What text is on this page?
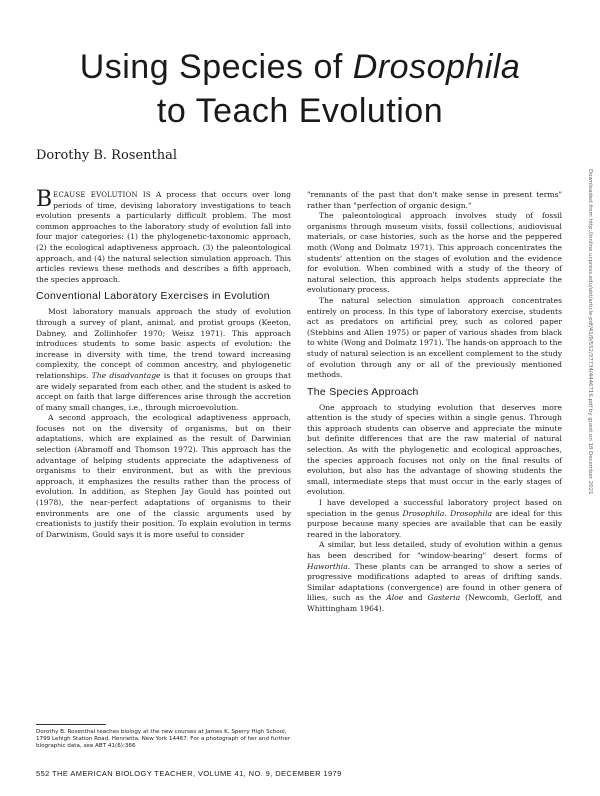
Using Species of Drosophila
to Teach Evolution
Dorothy B. Rosenthal

BECAUSE EVOLUTION IS A process that occurs over long periods of time, devising laboratory investigations to teach evolution presents a particularly difficult problem. The most common approaches to the laboratory study of evolution fall into four major categories: (1) the phylogenetic-taxonomic approach, (2) the ecological adaptiveness approach, (3) the paleontological approach, and (4) the natural selection simulation approach. This articles reviews these methods and describes a fifth approach, the species approach.

Conventional Laboratory Exercises in Evolution

Most laboratory manuals approach the study of evolution through a survey of plant, animal, and protist groups (Keeton, Dabney, and Zollinhofer 1970; Weisz 1971). This approach introduces students to some basic aspects of evolution: the increase in diversity with time, the trend toward increasing complexity, the concept of common ancestry, and phylogenetic relationships. The disadvantage is that it focuses on groups that are widely separated from each other, and the student is asked to accept on faith that large differences arise through the accretion of many small changes, i.e., through microevolution.

A second approach, the ecological adaptiveness approach, focuses not on the diversity of organisms, but on their adaptations, which are explained as the result of Darwinian selection (Abramoff and Thomson 1972). This approach has the advantage of helping students appreciate the adaptiveness of organisms to their environment, but as with the previous approach, it emphasizes the results rather than the process of evolution. In addition, as Stephen Jay Gould has pointed out (1978), the near-perfect adaptations of organisms to their environments are one of the classic arguments used by creationists to justify their position. To explain evolution in terms of Darwinism, Gould says it is more useful to consider

"remnants of the past that don't make sense in present terms" rather than "perfection of organic design."

The paleontological approach involves study of fossil organisms through museum visits, fossil collections, audiovisual materials, or case histories, such as the horse and the peppered moth (Wong and Dolmatz 1971). This approach concentrates the students' attention on the stages of evolution and the evidence for evolution. When combined with a study of the theory of natural selection, this approach helps students appreciate the evolutionary process.

The natural selection simulation approach concentrates entirely on process. In this type of laboratory exercise, students act as predators on artificial prey, such as colored paper (Stebbins and Allen 1975) or paper of various shades from black to white (Wong and Dolmatz 1971). The hands-on approach to the study of natural selection is an excellent complement to the study of evolution through any or all of the previously mentioned methods.

The Species Approach

One approach to studying evolution that deserves more attention is the study of species within a single genus. Through this approach students can observe and appreciate the minute but definite differences that are the raw material of natural selection. As with the phylogenetic and ecological approaches, the species approach focuses not only on the final results of evolution, but also has the advantage of showing students the small, intermediate steps that must occur in the early stages of evolution.

I have developed a successful laboratory project based on speciation in the genus Drosophila. Drosophila are ideal for this purpose because many species are available that can be easily reared in the laboratory.

A similar, but less detailed, study of evolution within a genus has been described for "window-bearing" desert forms of Haworthia. These plants can be arranged to show a series of progressive modifications adapted to areas of drifting sands. Similar adaptations (convergence) are found in other genera of lilies, such as the Aloe and Gasteria (Newcomb, Gerloff, and Whittingham 1964).

Dorothy B. Rosenthal teaches biology at the new courses at James K. Sperry High School, 1799 Lehigh Station Road, Henrietta, New York 14467. For a photograph of her and further biographic data, see ABT 41(6):366
552 THE AMERICAN BIOLOGY TEACHER, VOLUME 41, NO. 9, DECEMBER 1979
Downloaded from http://online.ucpress.edu/abt/article-pdf/41/9/552/37734/4446716.pdf by guest on 18 December 2021
